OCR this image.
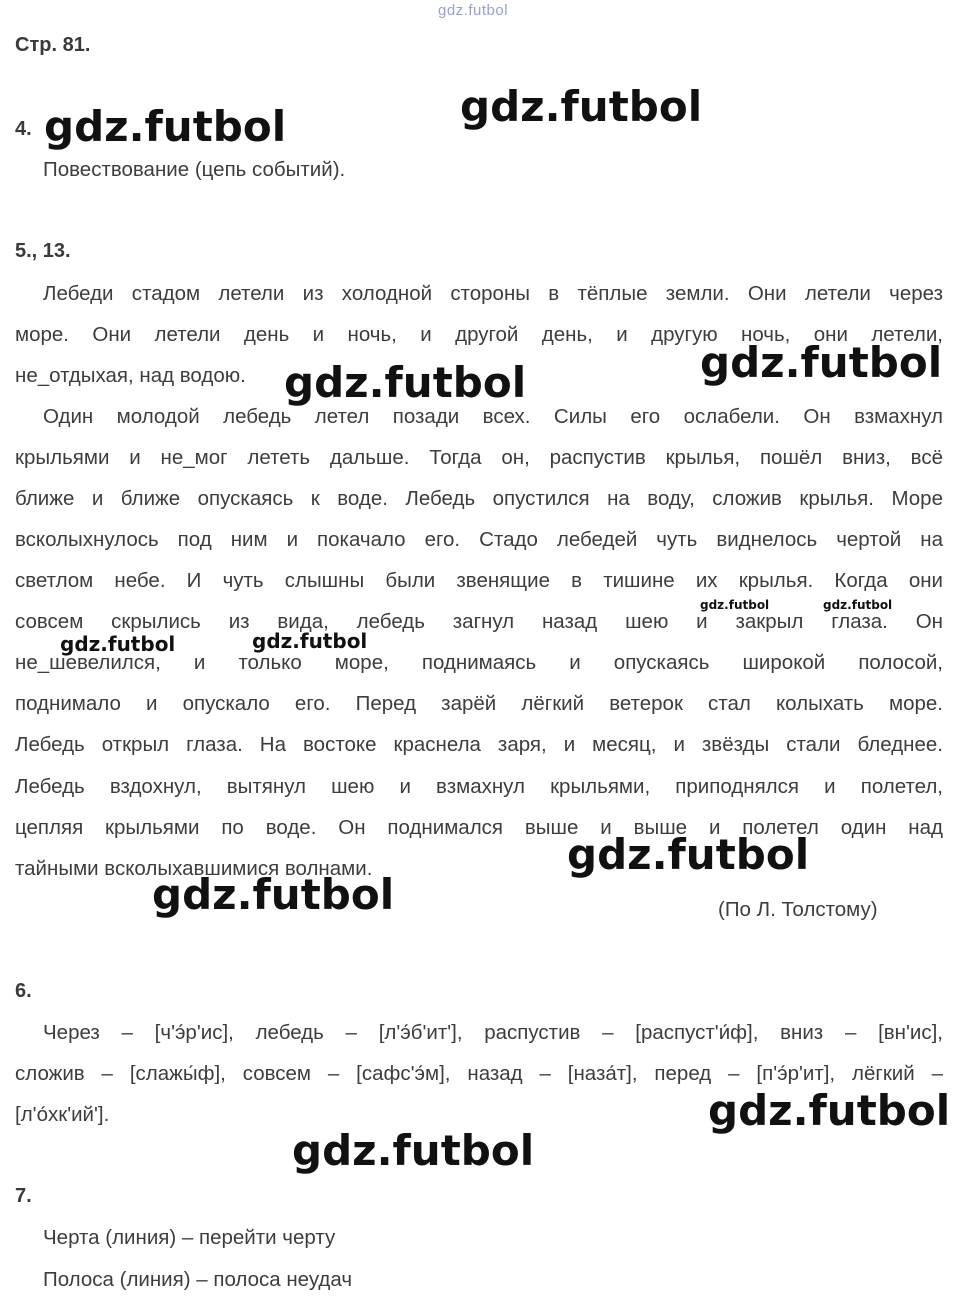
gdz.futbol
Стр. 81.
4.
Повествование (цепь событий).
5., 13.
Лебеди стадом летели из холодной стороны в тёплые земли. Они летели через
море. Они летели день и ночь, и другой день, и другую ночь, они летели,
не_отдыхая, над водою.
Один молодой лебедь летел позади всех. Силы его ослабели. Он взмахнул
крыльями и не_мог лететь дальше. Тогда он, распустив крылья, пошёл вниз, всё
ближе и ближе опускаясь к воде. Лебедь опустился на воду, сложив крылья. Море
всколыхнулось под ним и покачало его. Стадо лебедей чуть виднелось чертой на
светлом небе. И чуть слышны были звенящие в тишине их крылья. Когда они
совсем скрылись из вида, лебедь загнул назад шею и закрыл глаза. Он
не_шевелился, и только море, поднимаясь и опускаясь широкой полосой,
поднимало и опускало его. Перед зарёй лёгкий ветерок стал колыхать море.
Лебедь открыл глаза. На востоке краснела заря, и месяц, и звёзды стали бледнее.
Лебедь вздохнул, вытянул шею и взмахнул крыльями, приподнялся и полетел,
цепляя крыльями по воде. Он поднимался выше и выше и полетел один над
тайными всколыхавшимися волнами.
(По Л. Толстому)
6.
Через – [ч'э́р'ис], лебедь – [л'э́б'ит'], распустив – [распуст'и́ф], вниз – [вн'ис],
сложив – [слажы́ф], совсем – [сафс'э́м], назад – [наза́т], перед – [п'э́р'ит], лёгкий –
[л'о́хк'ий'].
7.
Черта (линия) – перейти черту
Полоса (линия) – полоса неудач
gdz.futbol	gdz.futbol
gdz.futbol
gdz.futbol
gdz.futbol	gdz.futbol
gdz.futbol	gdz.futbol
gdz.futbol
gdz.futbol
gdz.futbol
gdz.futbol
